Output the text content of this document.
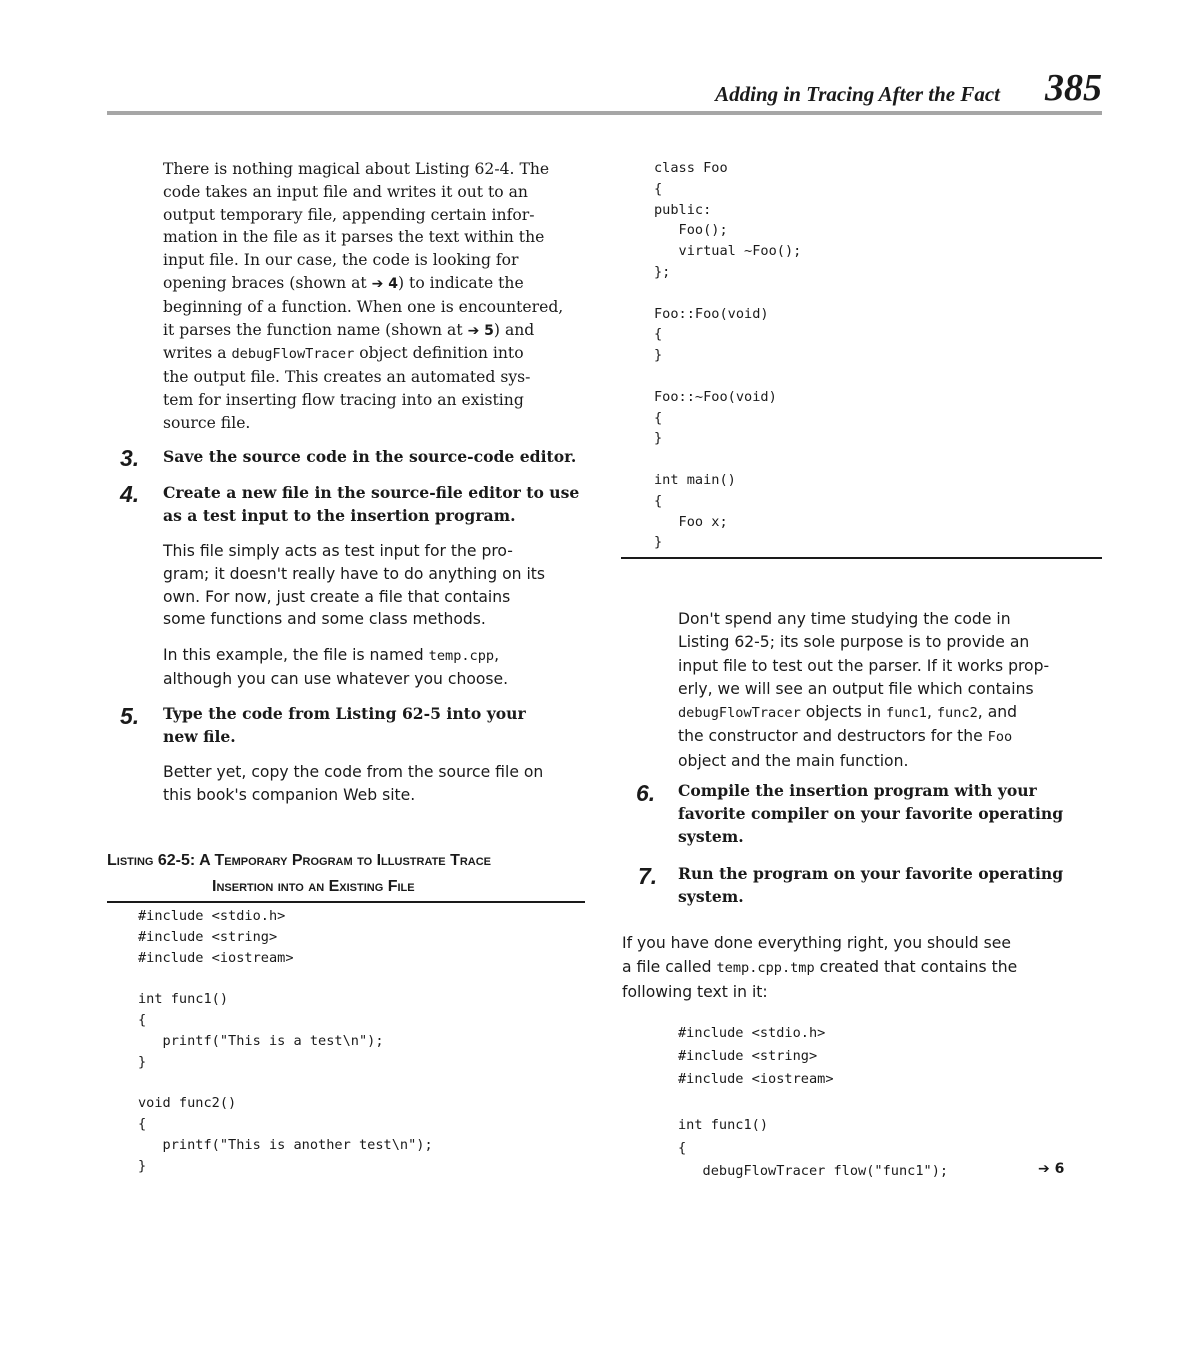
Adding in Tracing After the Fact	385
There is nothing magical about Listing 62-4. The
code takes an input file and writes it out to an
output temporary file, appending certain infor-
mation in the file as it parses the text within the
input file. In our case, the code is looking for
opening braces (shown at ➔ 4) to indicate the
beginning of a function. When one is encountered,
it parses the function name (shown at ➔ 5) and
writes a debugFlowTracer object definition into
the output file. This creates an automated sys-
tem for inserting flow tracing into an existing
source file.
3. Save the source code in the source-code editor.
4. Create a new file in the source-file editor to use
as a test input to the insertion program.
This file simply acts as test input for the pro-
gram; it doesn't really have to do anything on its
own. For now, just create a file that contains
some functions and some class methods.
In this example, the file is named temp.cpp,
although you can use whatever you choose.
5. Type the code from Listing 62-5 into your
new file.
Better yet, copy the code from the source file on
this book's companion Web site.
Listing 62-5: A Temporary Program to Illustrate Trace
Insertion into an Existing File
#include <stdio.h>
#include <string>
#include <iostream>
int func1()
{
printf("This is a test\n");
}
void func2()
{
printf("This is another test\n");
}
class Foo
{
public:
Foo();
virtual ~Foo();
};
Foo::Foo(void)
{
}
Foo::~Foo(void)
{
}
int main()
{
Foo x;
}
Don't spend any time studying the code in
Listing 62-5; its sole purpose is to provide an
input file to test out the parser. If it works prop-
erly, we will see an output file which contains
debugFlowTracer objects in func1, func2, and
the constructor and destructors for the Foo
object and the main function.
6. Compile the insertion program with your
favorite compiler on your favorite operating
system.
7. Run the program on your favorite operating
system.
If you have done everything right, you should see
a file called temp.cpp.tmp created that contains the
following text in it:
#include <stdio.h>
#include <string>
#include <iostream>
int func1()
{
debugFlowTracer flow("func1");	➔ 6
